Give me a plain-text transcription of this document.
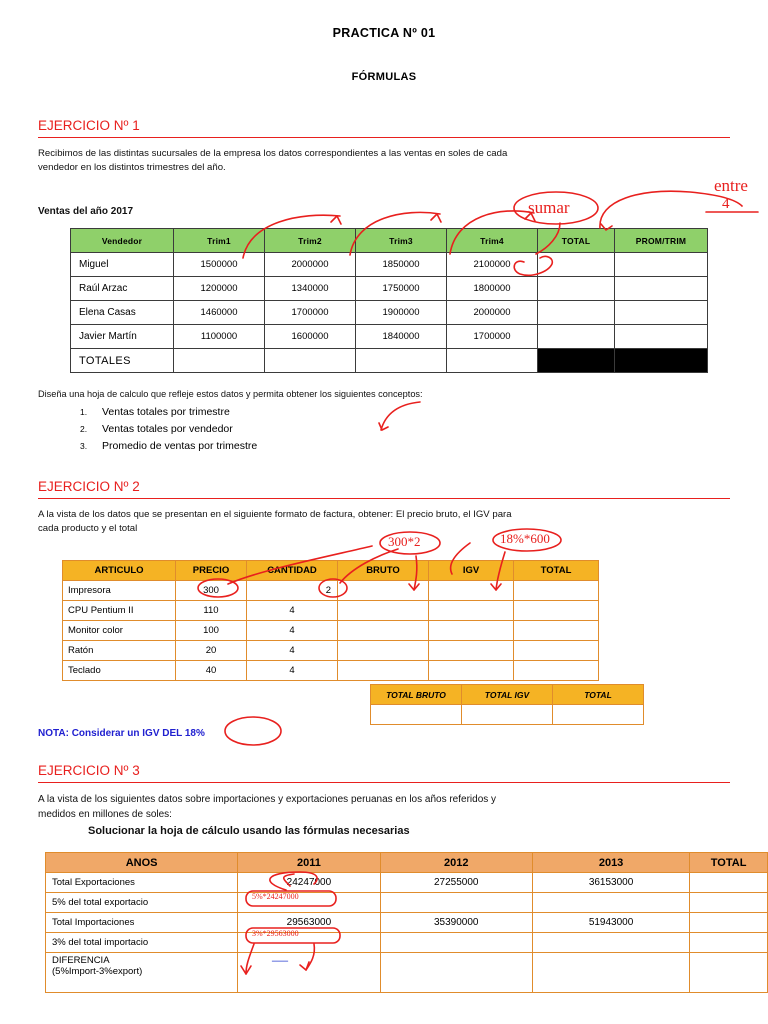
PRACTICA Nº 01
FÓRMULAS
EJERCICIO Nº 1
Recibimos de las distintas sucursales de la empresa los datos correspondientes a las ventas en soles de cada
vendedor en los distintos trimestres del año.
Ventas del año 2017
Vendedor	Trim1	Trim2	Trim3	Trim4	TOTAL	PROM/TRIM
Miguel	1500000	2000000	1850000	2100000		
Raúl Arzac	1200000	1340000	1750000	1800000		
Elena Casas	1460000	1700000	1900000	2000000		
Javier Martín	1100000	1600000	1840000	1700000		
TOTALES						
Diseña una hoja de calculo que refleje estos datos y permita obtener los siguientes conceptos:
1. Ventas totales por trimestre
2. Ventas totales por vendedor
3. Promedio de ventas por trimestre
EJERCICIO Nº 2
A la vista de los datos que se presentan en el siguiente formato de factura, obtener: El precio bruto, el IGV para
cada producto y el total
ARTICULO	PRECIO	CANTIDAD	BRUTO	IGV	TOTAL
Impresora	300	2			
CPU Pentium II	110	4			
Monitor color	100	4			
Ratón	20	4			
Teclado	40	4			
TOTAL BRUTO	TOTAL IGV	TOTAL

NOTA: Considerar un IGV DEL 18%
EJERCICIO Nº 3
A la vista de los siguientes datos sobre importaciones y exportaciones peruanas en los años referidos y
medidos en millones de soles:
Solucionar la hoja de cálculo usando las fórmulas necesarias
ANOS	2011	2012	2013	TOTAL
Total Exportaciones	24247000	27255000	36153000	
5% del total exportacio				
Total Importaciones	29563000	35390000	51943000	
3% del total importacio				

DIFERENCIA
(5%Import-3%export)				

sumar
entre
4
300*2	18%*600
5%*24247000
3%*29563000
—
